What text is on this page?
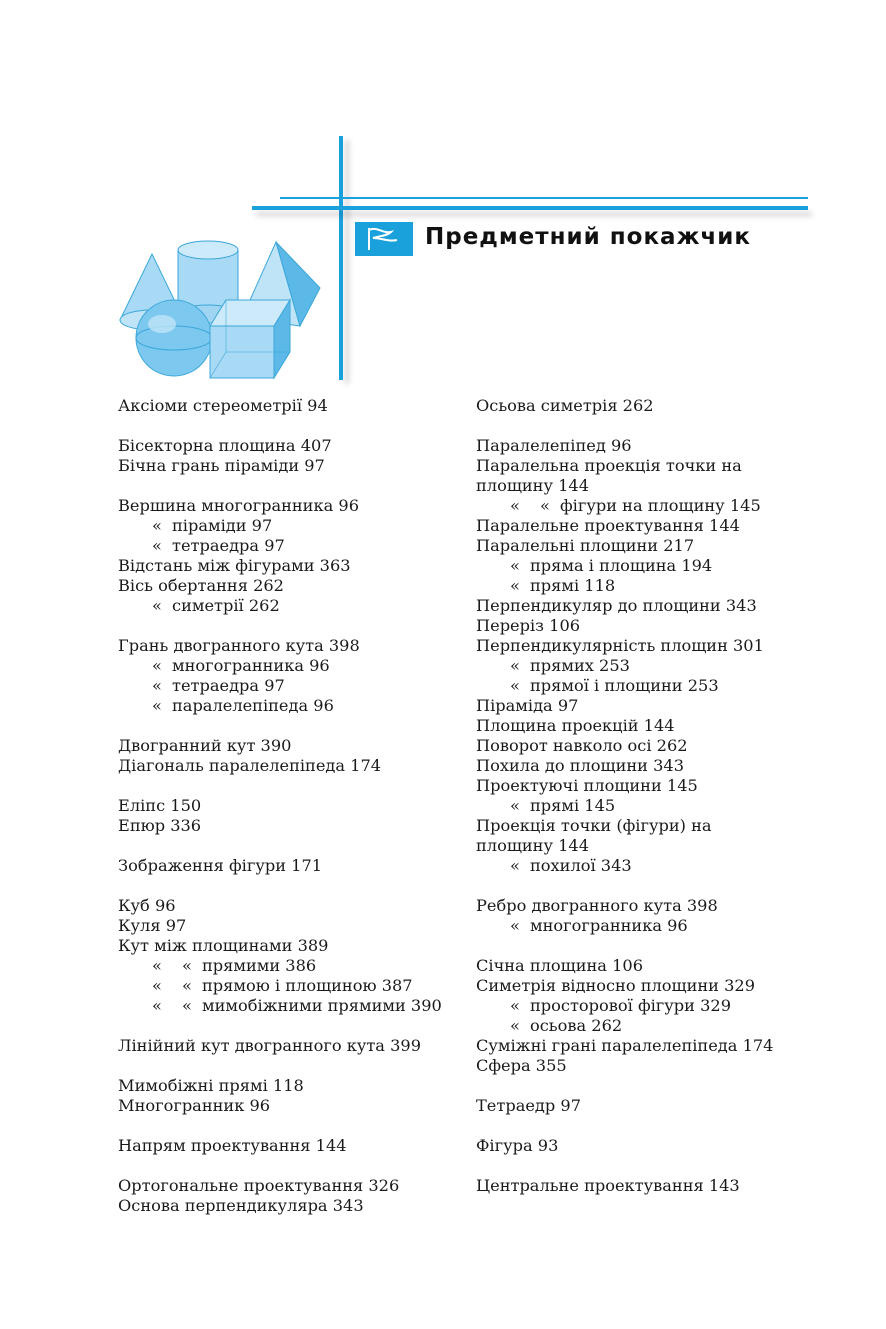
Предметний покажчик
Аксіоми стереометрії 94
Бісекторна площина 407
Бічна грань піраміди 97
Вершина многогранника 96
« піраміди 97
« тетраедра 97
Відстань між фігурами 363
Вісь обертання 262
« симетрії 262
Грань двогранного кута 398
« многогранника 96
« тетраедра 97
« паралелепіпеда 96
Двогранний кут 390
Діагональ паралелепіпеда 174
Еліпс 150
Епюр 336
Зображення фігури 171
Куб 96
Куля 97
Кут між площинами 389
« « прямими 386
« « прямою і площиною 387
« « мимобіжними прямими 390
Лінійний кут двогранного кута 399
Мимобіжні прямі 118
Многогранник 96
Напрям проектування 144
Ортогональне проектування 326
Основа перпендикуляра 343
Осьова симетрія 262
Паралелепіпед 96
Паралельна проекція точки на
площину 144
« « фігури на площину 145
Паралельне проектування 144
Паралельні площини 217
« пряма і площина 194
« прямі 118
Перпендикуляр до площини 343
Переріз 106
Перпендикулярність площин 301
« прямих 253
« прямої і площини 253
Піраміда 97
Площина проекцій 144
Поворот навколо осі 262
Похила до площини 343
Проектуючі площини 145
« прямі 145
Проекція точки (фігури) на
площину 144
« похилої 343
Ребро двогранного кута 398
« многогранника 96
Січна площина 106
Симетрія відносно площини 329
« просторової фігури 329
« осьова 262
Суміжні грані паралелепіпеда 174
Сфера 355
Тетраедр 97
Фігура 93
Центральне проектування 143
